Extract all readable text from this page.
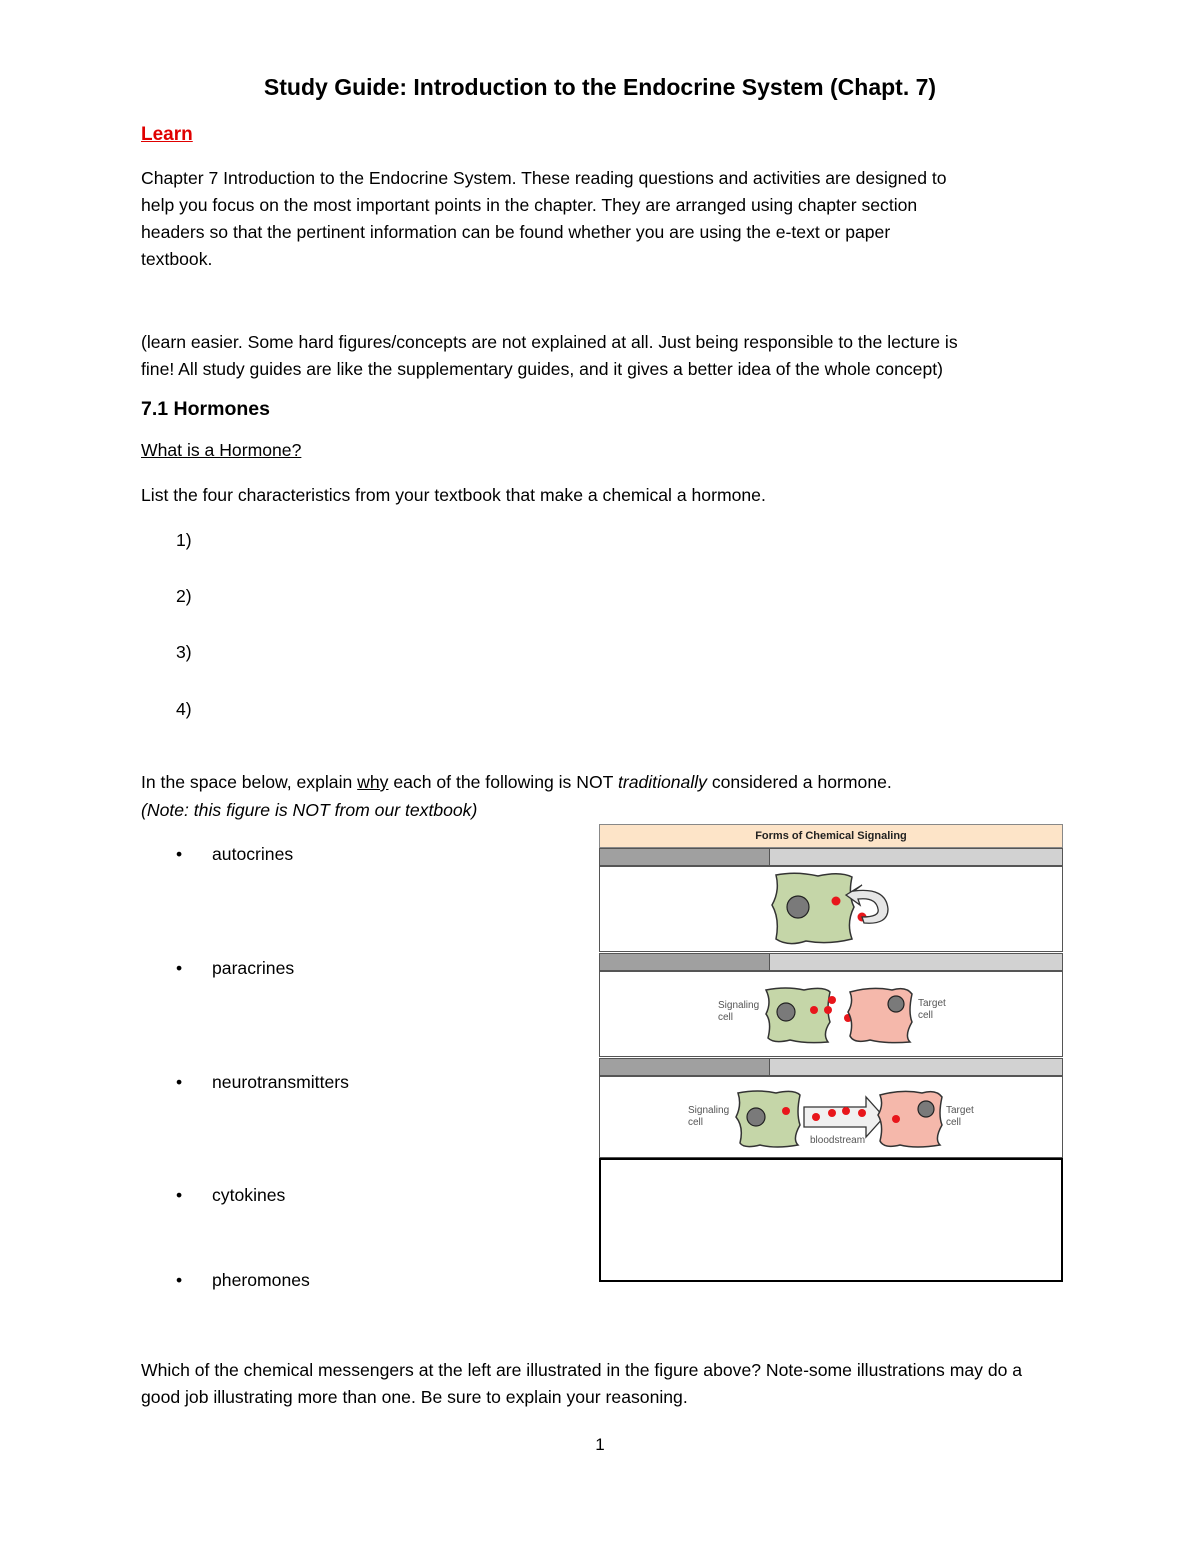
Study Guide: Introduction to the Endocrine System (Chapt. 7)
Learn
Chapter 7 Introduction to the Endocrine System. These reading questions and activities are designed to
help you focus on the most important points in the chapter. They are arranged using chapter section
headers so that the pertinent information can be found whether you are using the e-text or paper
textbook.
(learn easier. Some hard figures/concepts are not explained at all. Just being responsible to the lecture is
fine! All study guides are like the supplementary guides, and it gives a better idea of the whole concept)
7.1 Hormones
What is a Hormone?
List the four characteristics from your textbook that make a chemical a hormone.
1)
2)
3)
4)
In the space below, explain why each of the following is NOT traditionally considered a hormone.
(Note: this figure is NOT from our textbook)
• autocrines
• paracrines
• neurotransmitters
• cytokines
• pheromones
Forms of Chemical Signaling
Signaling
cell
Target
cell
Signaling
cell
bloodstream
Target
cell
Which of the chemical messengers at the left are illustrated in the figure above? Note-some illustrations may do a
good job illustrating more than one. Be sure to explain your reasoning.
1
